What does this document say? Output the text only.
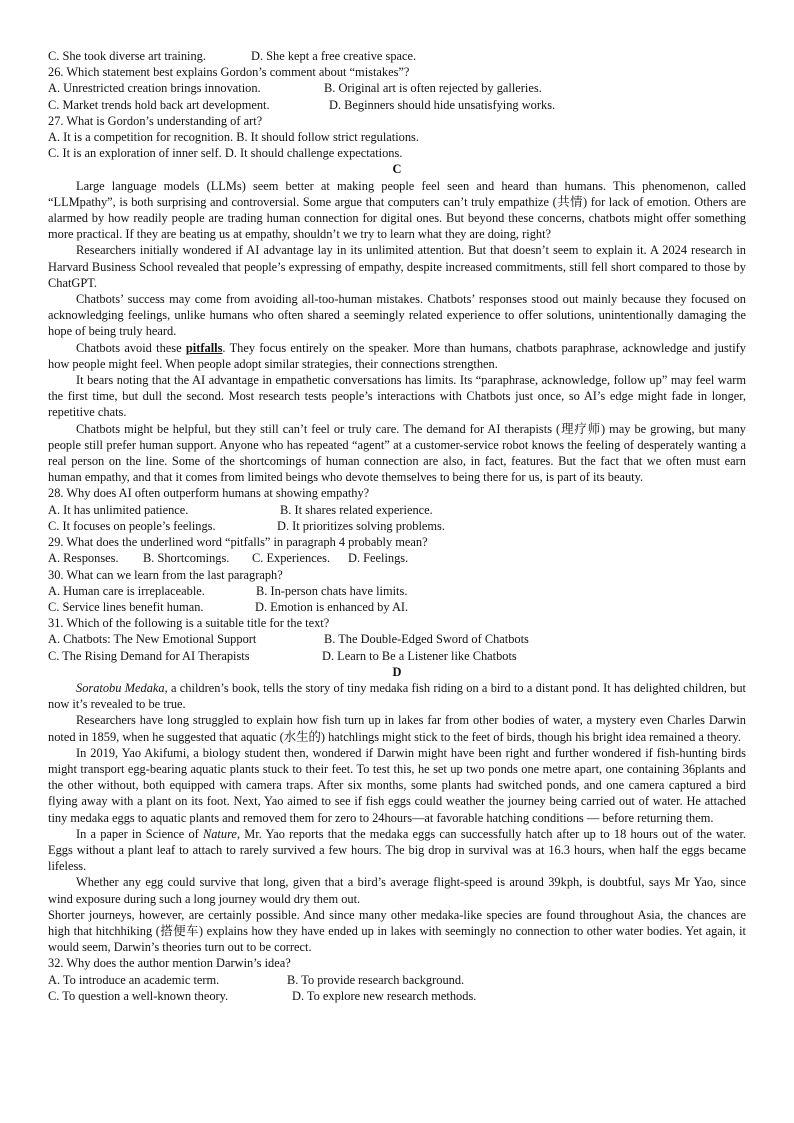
C. She took diverse art training.	D. She kept a free creative space.
26. Which statement best explains Gordon’s comment about “mistakes”?
A. Unrestricted creation brings innovation.	B. Original art is often rejected by galleries.
C. Market trends hold back art development.	D. Beginners should hide unsatisfying works.
27. What is Gordon’s understanding of art?
A. It is a competition for recognition. B. It should follow strict regulations.
C. It is an exploration of inner self. D. It should challenge expectations.
C

Large language models (LLMs) seem better at making people feel seen and heard than humans. This phenomenon, called “LLMpathy”, is both surprising and controversial. Some argue that computers can’t truly empathize (共情) for lack of emotion. Others are alarmed by how readily people are trading human connection for digital ones. But beyond these concerns, chatbots might offer something more practical. If they are beating us at empathy, shouldn’t we try to learn what they are doing, right?

Researchers initially wondered if AI advantage lay in its unlimited attention. But that doesn’t seem to explain it. A 2024 research in Harvard Business School revealed that people’s expressing of empathy, despite increased commitments, still fell short compared to those by ChatGPT.

Chatbots’ success may come from avoiding all-too-human mistakes. Chatbots’ responses stood out mainly because they focused on acknowledging feelings, unlike humans who often shared a seemingly related experience to offer solutions, unintentionally damaging the hope of being truly heard.

Chatbots avoid these pitfalls. They focus entirely on the speaker. More than humans, chatbots paraphrase, acknowledge and justify how people might feel. When people adopt similar strategies, their connections strengthen.

It bears noting that the AI advantage in empathetic conversations has limits. Its “paraphrase, acknowledge, follow up” may feel warm the first time, but dull the second. Most research tests people’s interactions with Chatbots just once, so AI’s edge might fade in longer, repetitive chats.

Chatbots might be helpful, but they still can’t feel or truly care. The demand for AI therapists (理疗师) may be growing, but many people still prefer human support. Anyone who has repeated “agent” at a customer-service robot knows the feeling of desperately wanting a real person on the line. Some of the shortcomings of human connection are also, in fact, features. But the fact that we often must earn human empathy, and that it comes from limited beings who devote themselves to being there for us, is part of its beauty.

28. Why does AI often outperform humans at showing empathy?
A. It has unlimited patience.	B. It shares related experience.
C. It focuses on people’s feelings.	D. It prioritizes solving problems.
29. What does the underlined word “pitfalls” in paragraph 4 probably mean?
A. Responses.	B. Shortcomings.	C. Experiences.	D. Feelings.
30. What can we learn from the last paragraph?
A. Human care is irreplaceable.	B. In-person chats have limits.
C. Service lines benefit human.	D. Emotion is enhanced by AI.
31. Which of the following is a suitable title for the text?
A. Chatbots: The New Emotional Support	B. The Double-Edged Sword of Chatbots
C. The Rising Demand for AI Therapists	D. Learn to Be a Listener like Chatbots
D

Soratobu Medaka, a children’s book, tells the story of tiny medaka fish riding on a bird to a distant pond. It has delighted children, but now it’s revealed to be true.

Researchers have long struggled to explain how fish turn up in lakes far from other bodies of water, a mystery even Charles Darwin noted in 1859, when he suggested that aquatic (水生的) hatchlings might stick to the feet of birds, though his bright idea remained a theory.

In 2019, Yao Akifumi, a biology student then, wondered if Darwin might have been right and further wondered if fish-hunting birds might transport egg-bearing aquatic plants stuck to their feet. To test this, he set up two ponds one metre apart, one containing 36plants and the other without, both equipped with camera traps. After six months, some plants had switched ponds, and one camera captured a bird flying away with a plant on its foot. Next, Yao aimed to see if fish eggs could weather the journey being carried out of water. He attached tiny medaka eggs to aquatic plants and removed them for zero to 24hours—at favorable hatching conditions — before returning them.

In a paper in Science of Nature, Mr. Yao reports that the medaka eggs can successfully hatch after up to 18 hours out of the water. Eggs without a plant leaf to attach to rarely survived a few hours. The big drop in survival was at 16.3 hours, when half the eggs became lifeless.

Whether any egg could survive that long, given that a bird’s average flight-speed is around 39kph, is doubtful, says Mr Yao, since wind exposure during such a long journey would dry them out.

Shorter journeys, however, are certainly possible. And since many other medaka-like species are found throughout Asia, the chances are high that hitchhiking (搭便车) explains how they have ended up in lakes with seemingly no connection to other water bodies. Yet again, it would seem, Darwin’s theories turn out to be correct.

32. Why does the author mention Darwin’s idea?
A. To introduce an academic term.	B. To provide research background.
C. To question a well-known theory.	D. To explore new research methods.
